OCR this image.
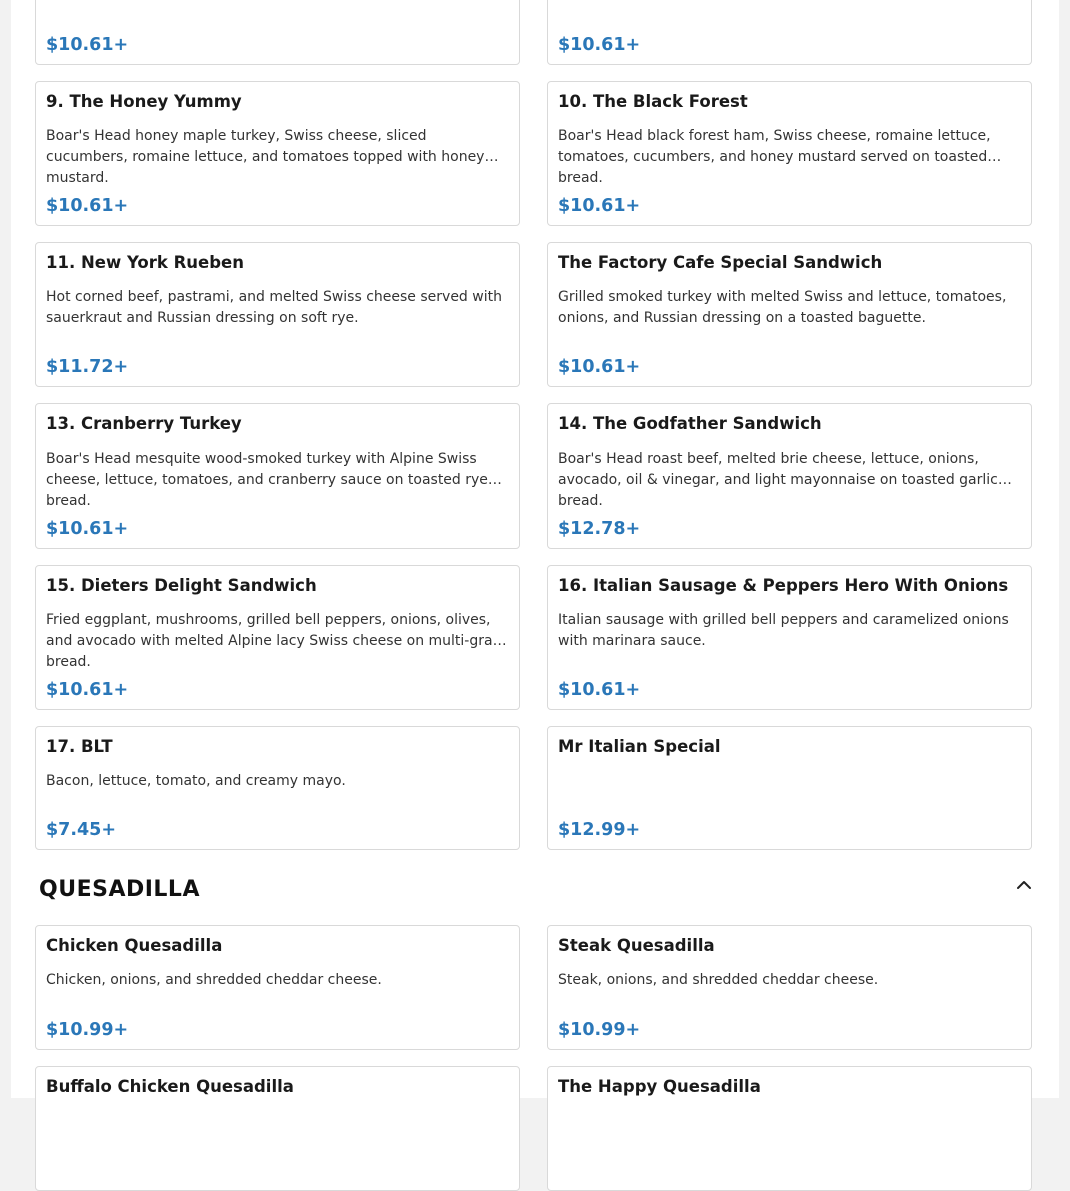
$10.61+	$10.61+
9. The Honey Yummy
Boar's Head honey maple turkey, Swiss cheese, sliced cucumbers, romaine lettuce, and tomatoes topped with honey mustard.
$10.61+
10. The Black Forest
Boar's Head black forest ham, Swiss cheese, romaine lettuce, tomatoes, cucumbers, and honey mustard served on toasted bread.
$10.61+
11. New York Rueben
Hot corned beef, pastrami, and melted Swiss cheese served with sauerkraut and Russian dressing on soft rye.
$11.72+
The Factory Cafe Special Sandwich
Grilled smoked turkey with melted Swiss and lettuce, tomatoes, onions, and Russian dressing on a toasted baguette.
$10.61+
13. Cranberry Turkey
Boar's Head mesquite wood-smoked turkey with Alpine Swiss cheese, lettuce, tomatoes, and cranberry sauce on toasted rye bread.
$10.61+
14. The Godfather Sandwich
Boar's Head roast beef, melted brie cheese, lettuce, onions, avocado, oil & vinegar, and light mayonnaise on toasted garlic bread.
$12.78+
15. Dieters Delight Sandwich
Fried eggplant, mushrooms, grilled bell peppers, onions, olives, and avocado with melted Alpine lacy Swiss cheese on multi-grain bread.
$10.61+
16. Italian Sausage & Peppers Hero With Onions
Italian sausage with grilled bell peppers and caramelized onions with marinara sauce.
$10.61+
17. BLT
Bacon, lettuce, tomato, and creamy mayo.
$7.45+
Mr Italian Special
$12.99+
QUESADILLA
Chicken Quesadilla
Chicken, onions, and shredded cheddar cheese.
$10.99+
Steak Quesadilla
Steak, onions, and shredded cheddar cheese.
$10.99+
Buffalo Chicken Quesadilla	The Happy Quesadilla
